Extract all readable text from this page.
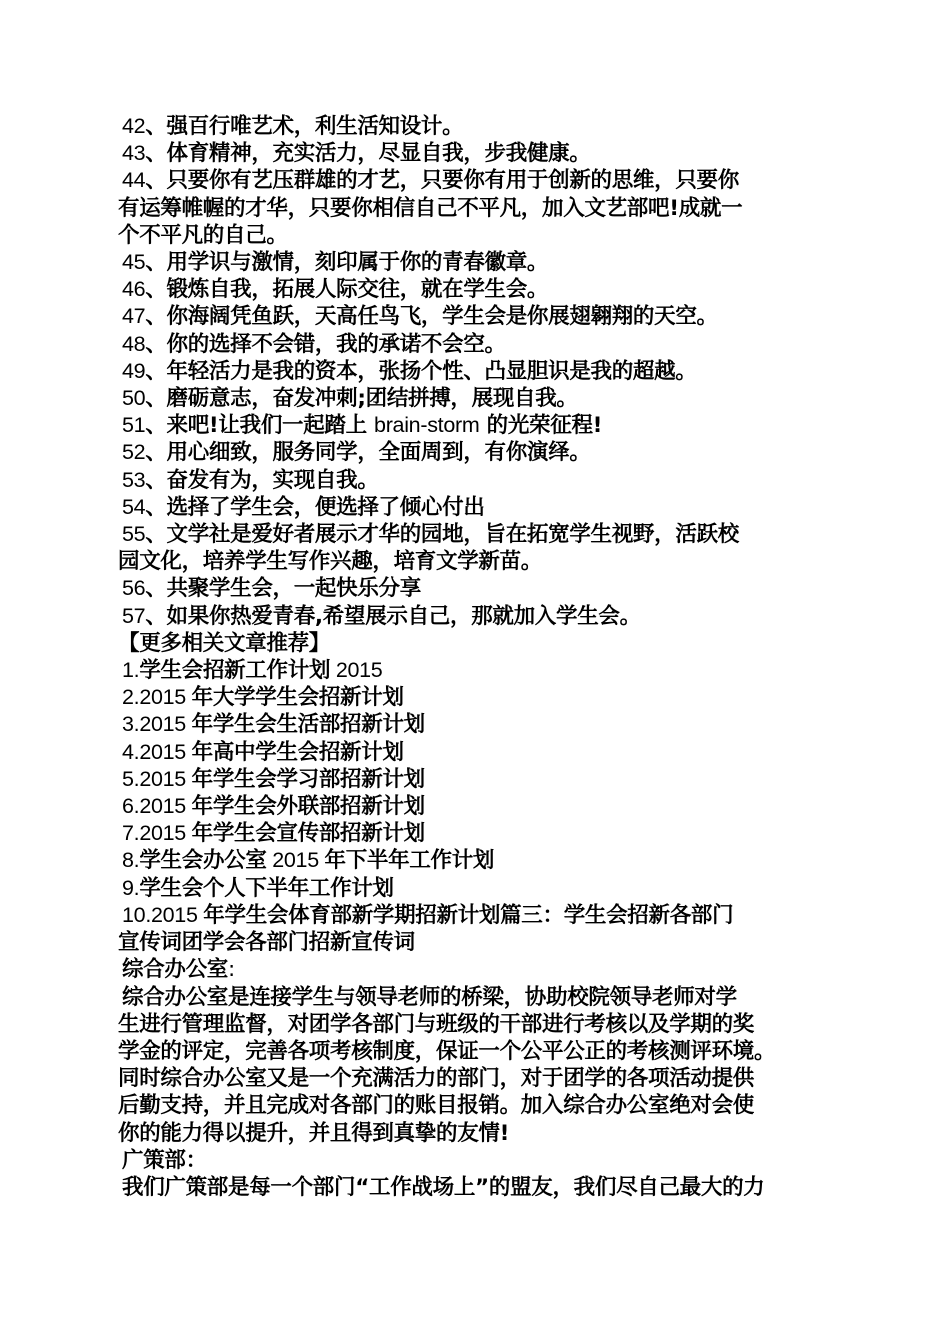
42、强百行唯艺术，利生活知设计。
43、体育精神，充实活力，尽显自我，步我健康。
44、只要你有艺压群雄的才艺，只要你有用于创新的思维，只要你
有运筹帷幄的才华，只要你相信自己不平凡，加入文艺部吧!成就一
个不平凡的自己。
45、用学识与激情，刻印属于你的青春徽章。
46、锻炼自我，拓展人际交往，就在学生会。
47、你海阔凭鱼跃，天高任鸟飞，学生会是你展翅翱翔的天空。
48、你的选择不会错，我的承诺不会空。
49、年轻活力是我的资本，张扬个性、凸显胆识是我的超越。
50、磨砺意志，奋发冲刺;团结拼搏，展现自我。
51、来吧!让我们一起踏上 brain-storm 的光荣征程!
52、用心细致，服务同学，全面周到，有你演绎。
53、奋发有为，实现自我。
54、选择了学生会，便选择了倾心付出
55、文学社是爱好者展示才华的园地，旨在拓宽学生视野，活跃校
园文化，培养学生写作兴趣，培育文学新苗。
56、共聚学生会，一起快乐分享
57、如果你热爱青春,希望展示自己，那就加入学生会。
【更多相关文章推荐】
1.学生会招新工作计划 2015
2.2015 年大学学生会招新计划
3.2015 年学生会生活部招新计划
4.2015 年高中学生会招新计划
5.2015 年学生会学习部招新计划
6.2015 年学生会外联部招新计划
7.2015 年学生会宣传部招新计划
8.学生会办公室 2015 年下半年工作计划
9.学生会个人下半年工作计划
10.2015 年学生会体育部新学期招新计划篇三：学生会招新各部门
宣传词团学会各部门招新宣传词
综合办公室:
综合办公室是连接学生与领导老师的桥梁，协助校院领导老师对学
生进行管理监督，对团学各部门与班级的干部进行考核以及学期的奖
学金的评定，完善各项考核制度，保证一个公平公正的考核测评环境。
同时综合办公室又是一个充满活力的部门，对于团学的各项活动提供
后勤支持，并且完成对各部门的账目报销。加入综合办公室绝对会使
你的能力得以提升，并且得到真挚的友情!
广策部：
我们广策部是每一个部门“工作战场上”的盟友，我们尽自己最大的力
